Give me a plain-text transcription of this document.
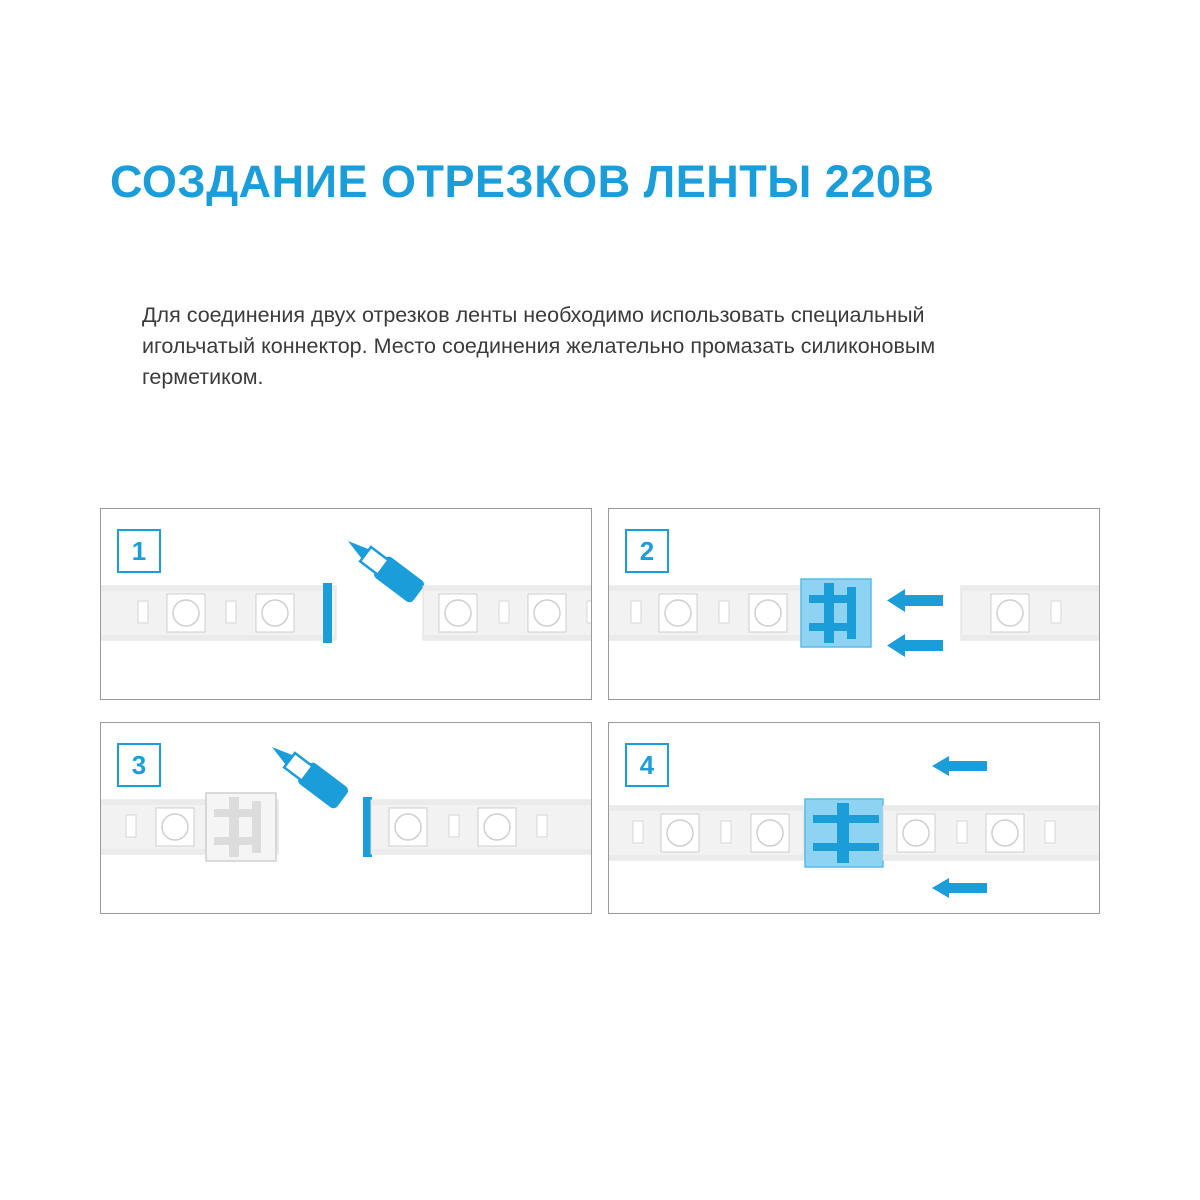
СОЗДАНИЕ ОТРЕЗКОВ ЛЕНТЫ 220В

Для соединения двух отрезков ленты необходимо использовать специальный игольчатый коннектор. Место соединения желательно промазать силиконовым герметиком.

1	2
3	4
